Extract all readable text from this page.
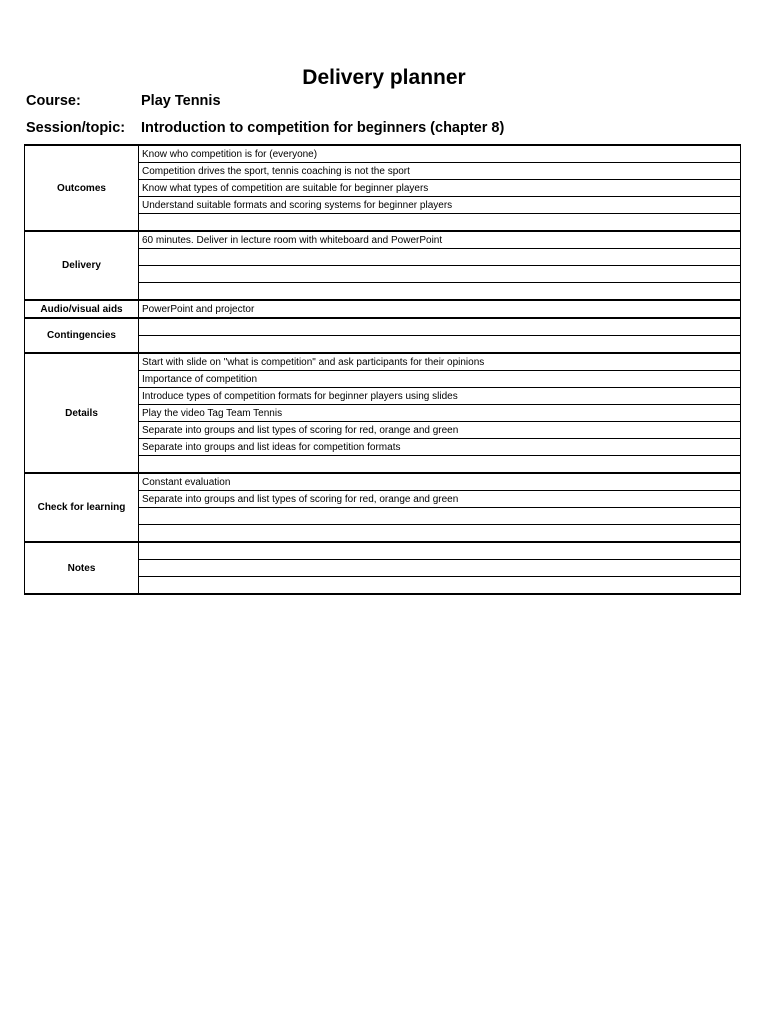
Delivery planner
Course:	Play Tennis
Session/topic: Introduction to competition for beginners (chapter 8)
Outcomes	Know who competition is for (everyone)
	Competition drives the sport, tennis coaching is not the sport
	Know what types of competition are suitable for beginner players
	Understand suitable formats and scoring systems for beginner players

Delivery	60 minutes. Deliver in lecture room with whiteboard and PowerPoint

Audio/visual aids	PowerPoint and projector
Contingencies	

Details	Start with slide on "what is competition" and ask participants for their opinions
	Importance of competition
	Introduce types of competition formats for beginner players using slides
	Play the video Tag Team Tennis
	Separate into groups and list types of scoring for red, orange and green
	Separate into groups and list ideas for competition formats

Check for learning	Constant evaluation
	Separate into groups and list types of scoring for red, orange and green

Notes	
